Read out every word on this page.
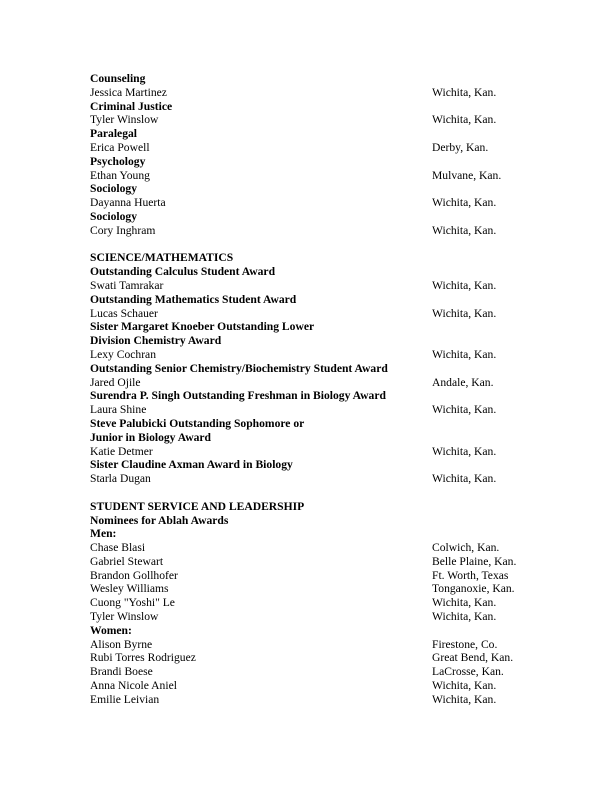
Counseling
Jessica Martinez	Wichita, Kan.
Criminal Justice
Tyler Winslow	Wichita, Kan.
Paralegal
Erica Powell	Derby, Kan.
Psychology
Ethan Young	Mulvane, Kan.
Sociology
Dayanna Huerta	Wichita, Kan.
Sociology
Cory Inghram	Wichita, Kan.
SCIENCE/MATHEMATICS
Outstanding Calculus Student Award
Swati Tamrakar	Wichita, Kan.
Outstanding Mathematics Student Award
Lucas Schauer	Wichita, Kan.
Sister Margaret Knoeber Outstanding Lower
Division Chemistry Award
Lexy Cochran	Wichita, Kan.
Outstanding Senior Chemistry/Biochemistry Student Award
Jared Ojile	Andale, Kan.
Surendra P. Singh Outstanding Freshman in Biology Award
Laura Shine	Wichita, Kan.
Steve Palubicki Outstanding Sophomore or
Junior in Biology Award
Katie Detmer	Wichita, Kan.
Sister Claudine Axman Award in Biology
Starla Dugan	Wichita, Kan.
STUDENT SERVICE AND LEADERSHIP
Nominees for Ablah Awards
Men:
Chase Blasi	Colwich, Kan.
Gabriel Stewart	Belle Plaine, Kan.
Brandon Gollhofer	Ft. Worth, Texas
Wesley Williams	Tonganoxie, Kan.
Cuong "Yoshi" Le	Wichita, Kan.
Tyler Winslow	Wichita, Kan.
Women:
Alison Byrne	Firestone, Co.
Rubi Torres Rodriguez	Great Bend, Kan.
Brandi Boese	LaCrosse, Kan.
Anna Nicole Aniel	Wichita, Kan.
Emilie Leivian	Wichita, Kan.
